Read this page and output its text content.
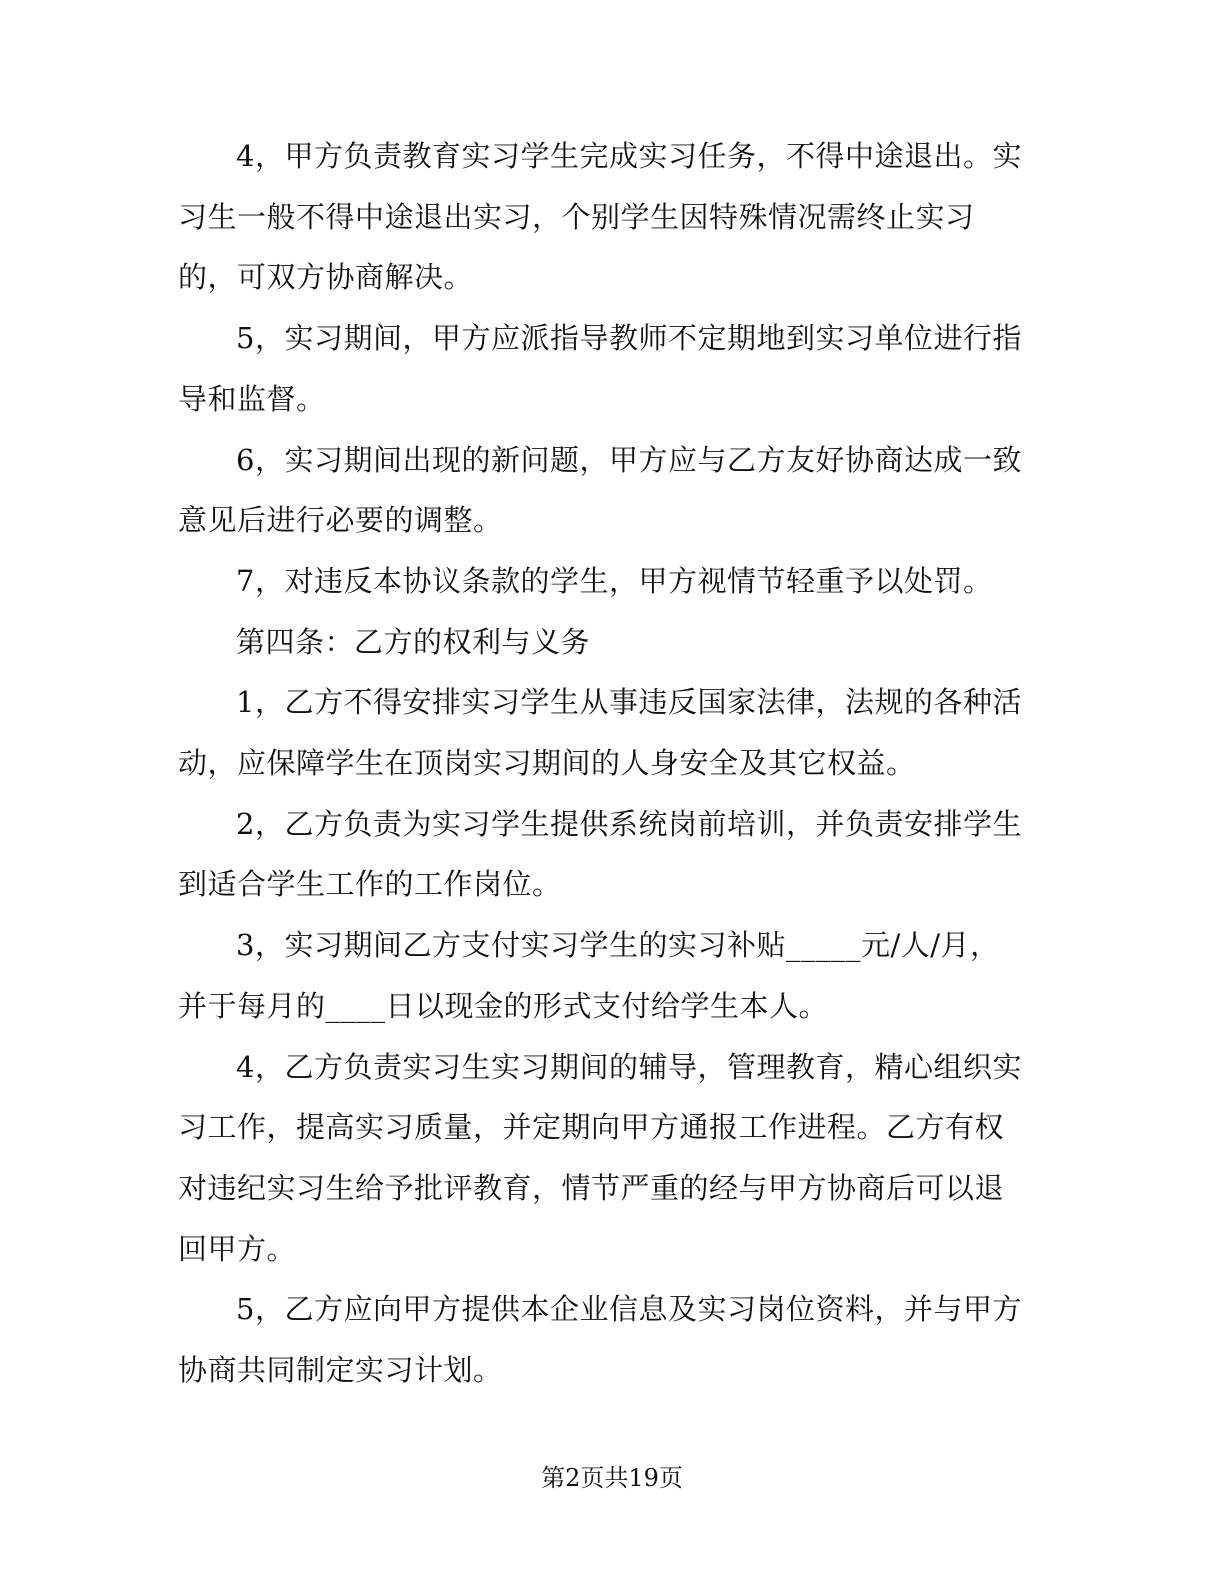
4，甲方负责教育实习学生完成实习任务，不得中途退出。实习生一般不得中途退出实习，个别学生因特殊情况需终止实习的，可双方协商解决。

5，实习期间，甲方应派指导教师不定期地到实习单位进行指导和监督。

6，实习期间出现的新问题，甲方应与乙方友好协商达成一致意见后进行必要的调整。

7，对违反本协议条款的学生，甲方视情节轻重予以处罚。

第四条：乙方的权利与义务

1，乙方不得安排实习学生从事违反国家法律，法规的各种活动，应保障学生在顶岗实习期间的人身安全及其它权益。

2，乙方负责为实习学生提供系统岗前培训，并负责安排学生到适合学生工作的工作岗位。

3，实习期间乙方支付实习学生的实习补贴_____元/人/月，并于每月的____日以现金的形式支付给学生本人。

4，乙方负责实习生实习期间的辅导，管理教育，精心组织实习工作，提高实习质量，并定期向甲方通报工作进程。乙方有权对违纪实习生给予批评教育，情节严重的经与甲方协商后可以退回甲方。

5，乙方应向甲方提供本企业信息及实习岗位资料，并与甲方协商共同制定实习计划。

第2页共19页
